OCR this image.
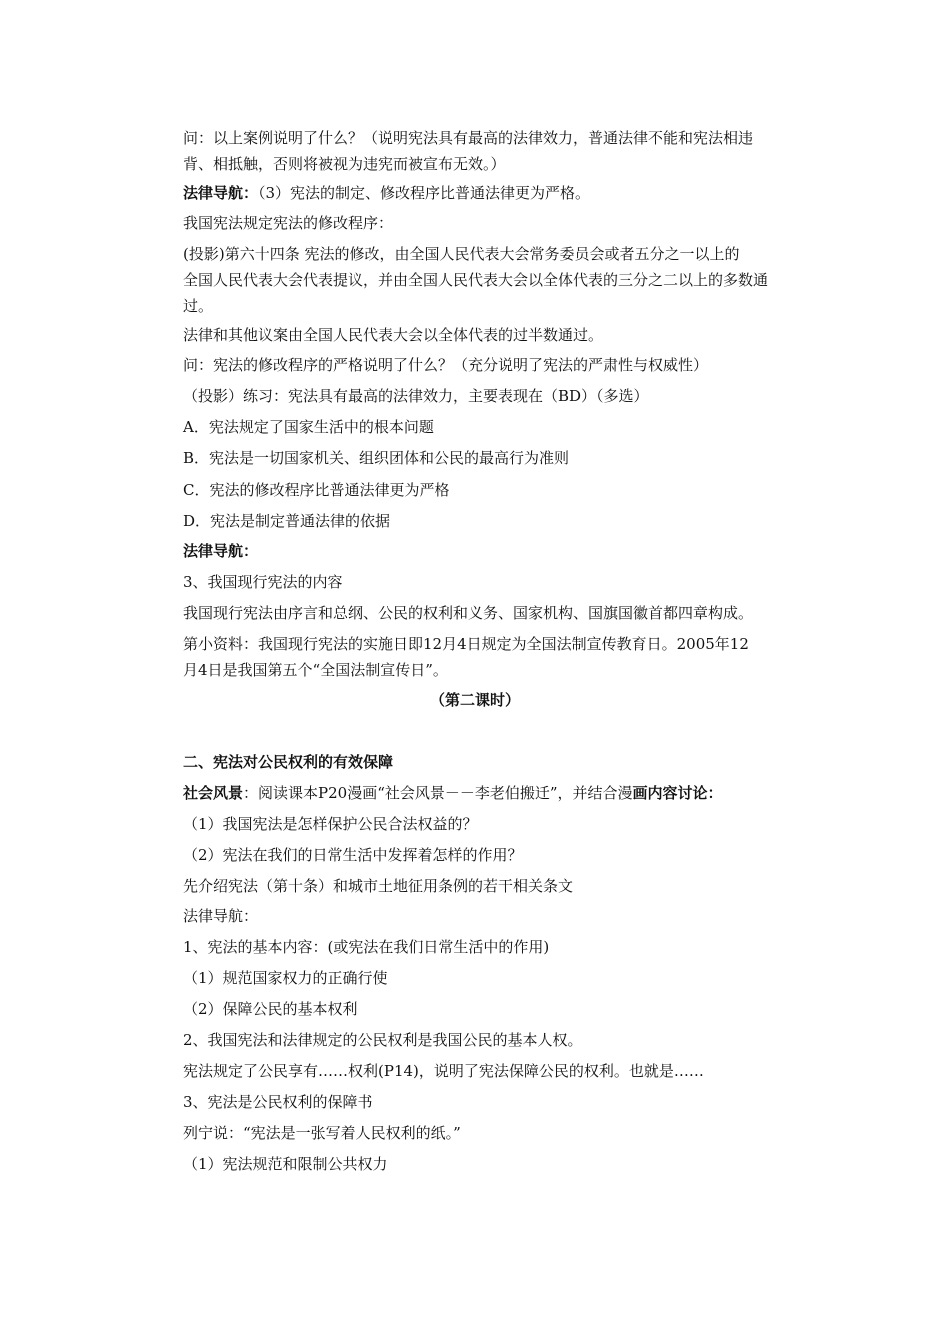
问：以上案例说明了什么？（说明宪法具有最高的法律效力，普通法律不能和宪法相违
背、相抵触，否则将被视为违宪而被宣布无效。）
法律导航：（3）宪法的制定、修改程序比普通法律更为严格。
我国宪法规定宪法的修改程序：
(投影)第六十四条 宪法的修改，由全国人民代表大会常务委员会或者五分之一以上的
全国人民代表大会代表提议，并由全国人民代表大会以全体代表的三分之二以上的多数通
过。
法律和其他议案由全国人民代表大会以全体代表的过半数通过。
问：宪法的修改程序的严格说明了什么？（充分说明了宪法的严肃性与权威性）
（投影）练习：宪法具有最高的法律效力，主要表现在（BD）（多选）
A．宪法规定了国家生活中的根本问题
B．宪法是一切国家机关、组织团体和公民的最高行为准则
C．宪法的修改程序比普通法律更为严格
D．宪法是制定普通法律的依据
法律导航：
3、我国现行宪法的内容
我国现行宪法由序言和总纲、公民的权利和义务、国家机构、国旗国徽首都四章构成。
第小资料：我国现行宪法的实施日即12月4日规定为全国法制宣传教育日。2005年12
月4日是我国第五个“全国法制宣传日”。
（第二课时）
二、宪法对公民权利的有效保障
社会风景：阅读课本P20漫画“社会风景－－李老伯搬迁”，并结合漫画内容讨论：
（1）我国宪法是怎样保护公民合法权益的？
（2）宪法在我们的日常生活中发挥着怎样的作用？
先介绍宪法（第十条）和城市土地征用条例的若干相关条文
法律导航：
1、宪法的基本内容：(或宪法在我们日常生活中的作用)
（1）规范国家权力的正确行使
（2）保障公民的基本权利
2、我国宪法和法律规定的公民权利是我国公民的基本人权。
宪法规定了公民享有……权利(P14)，说明了宪法保障公民的权利。也就是……
3、宪法是公民权利的保障书
列宁说：“宪法是一张写着人民权利的纸。”
（1）宪法规范和限制公共权力
